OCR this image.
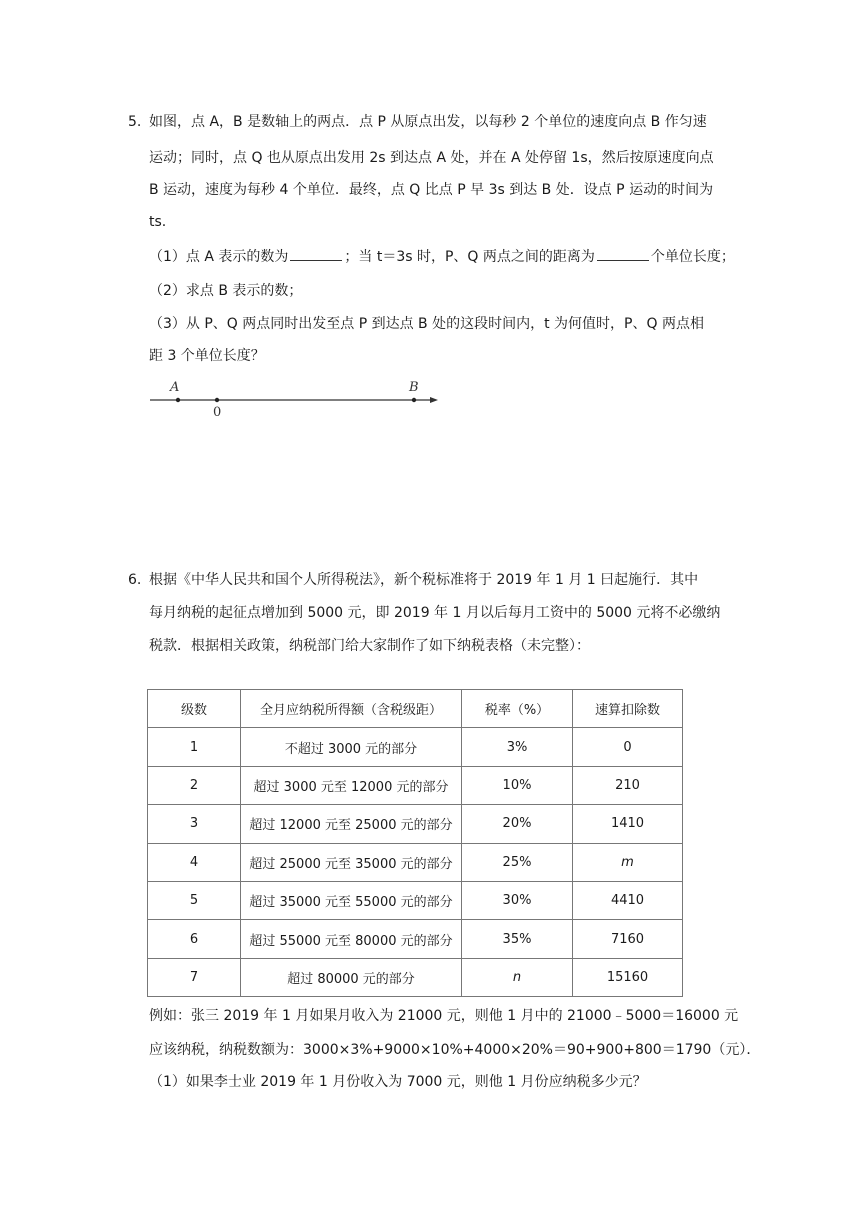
5. 如图，点 A，B 是数轴上的两点．点 P 从原点出发，以每秒 2 个单位的速度向点 B 作匀速
运动；同时，点 Q 也从原点出发用 2s 到达点 A 处，并在 A 处停留 1s，然后按原速度向点
B 运动，速度为每秒 4 个单位．最终，点 Q 比点 P 早 3s 到达 B 处．设点 P 运动的时间为
ts.
（1）点 A 表示的数为	；当 t＝3s 时，P、Q 两点之间的距离为	个单位长度；
（2）求点 B 表示的数；
（3）从 P、Q 两点同时出发至点 P 到达点 B 处的这段时间内，t 为何值时，P、Q 两点相
距 3 个单位长度？
A
0
B
6. 根据《中华人民共和国个人所得税法》，新个税标准将于 2019 年 1 月 1 曰起施行．其中
每月纳税的起征点增加到 5000 元，即 2019 年 1 月以后每月工资中的 5000 元将不必缴纳
税款．根据相关政策，纳税部门给大家制作了如下纳税表格（未完整）：
级数	全月应纳税所得额（含税级距）	税率（%）	速算扣除数
1	不超过 3000 元的部分	3%	0
2	超过 3000 元至 12000 元的部分	10%	210
3	超过 12000 元至 25000 元的部分	20%	1410
4	超过 25000 元至 35000 元的部分	25%	m
5	超过 35000 元至 55000 元的部分	30%	4410
6	超过 55000 元至 80000 元的部分	35%	7160
7	超过 80000 元的部分	n	15160
例如：张三 2019 年 1 月如果月收入为 21000 元，则他 1 月中的 21000﹣5000＝16000 元
应该纳税，纳税数额为：3000×3%+9000×10%+4000×20%＝90+900+800＝1790（元）．
（1）如果李士业 2019 年 1 月份收入为 7000 元，则他 1 月份应纳税多少元？
